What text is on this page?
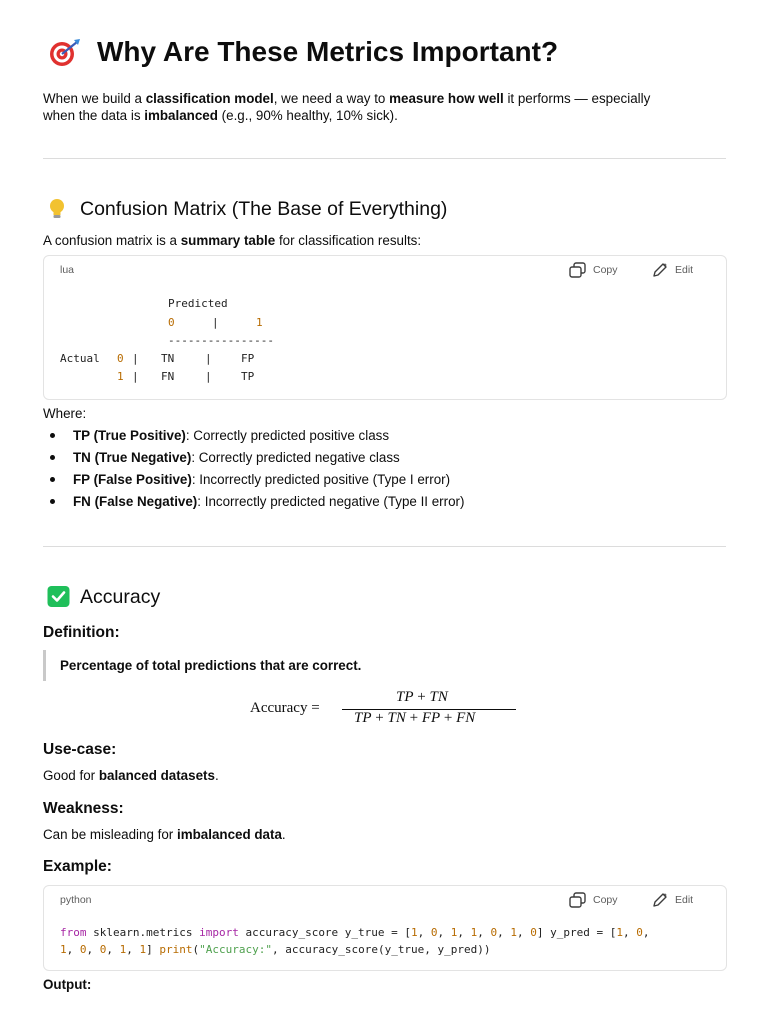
Why Are These Metrics Important?
When we build a classification model, we need a way to measure how well it performs — especially
when the data is imbalanced (e.g., 90% healthy, 10% sick).
Confusion Matrix (The Base of Everything)
A confusion matrix is a summary table for classification results:
lua	Copy	Edit
Predicted
0	|	1
----------------
Actual 0 | TN	|	FP
1 | FN	|	TP
Where:
TP (True Positive): Correctly predicted positive class
TN (True Negative): Correctly predicted negative class
FP (False Positive): Incorrectly predicted positive (Type I error)
FN (False Negative): Incorrectly predicted negative (Type II error)
Accuracy
Definition:
Percentage of total predictions that are correct.
Accuracy =
TP + TN
TP + TN + FP + FN
Use-case:
Good for balanced datasets.
Weakness:
Can be misleading for imbalanced data.
Example:
python	Copy	Edit
from sklearn.metrics import accuracy_score y_true = [1, 0, 1, 1, 0, 1, 0] y_pred = [1, 0,
1, 0, 0, 1, 1] print("Accuracy:", accuracy_score(y_true, y_pred))
Output:
